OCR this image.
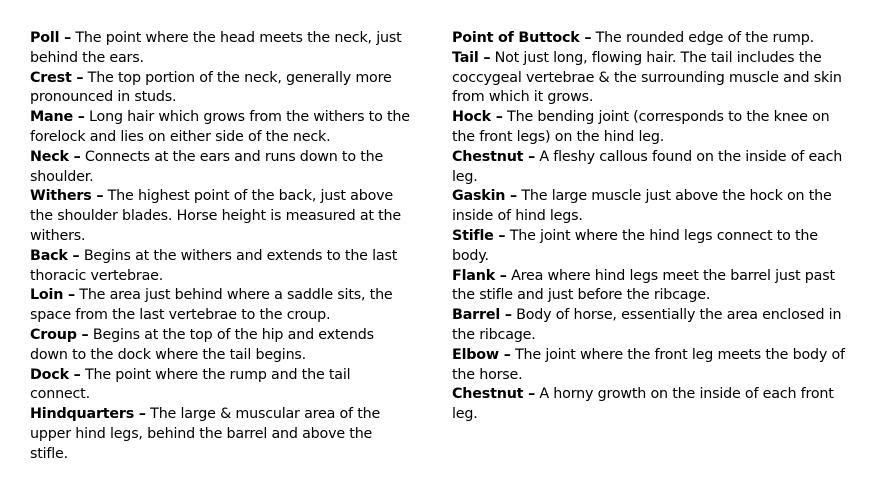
Poll – The point where the head meets the neck, just behind the ears.

Crest – The top portion of the neck, generally more pronounced in studs.

Mane – Long hair which grows from the withers to the forelock and lies on either side of the neck.

Neck – Connects at the ears and runs down to the shoulder.

Withers – The highest point of the back, just above the shoulder blades. Horse height is measured at the withers.

Back – Begins at the withers and extends to the last thoracic vertebrae.

Loin – The area just behind where a saddle sits, the space from the last vertebrae to the croup.

Croup – Begins at the top of the hip and extends down to the dock where the tail begins.

Dock – The point where the rump and the tail connect.

Hindquarters – The large & muscular area of the upper hind legs, behind the barrel and above the stifle.

Point of Buttock – The rounded edge of the rump.

Tail – Not just long, flowing hair. The tail includes the coccygeal vertebrae & the surrounding muscle and skin from which it grows.

Hock – The bending joint (corresponds to the knee on the front legs) on the hind leg.

Chestnut – A fleshy callous found on the inside of each leg.

Gaskin – The large muscle just above the hock on the inside of hind legs.

Stifle – The joint where the hind legs connect to the body.

Flank – Area where hind legs meet the barrel just past the stifle and just before the ribcage.

Barrel – Body of horse, essentially the area enclosed in the ribcage.

Elbow – The joint where the front leg meets the body of the horse.

Chestnut – A horny growth on the inside of each front leg.
